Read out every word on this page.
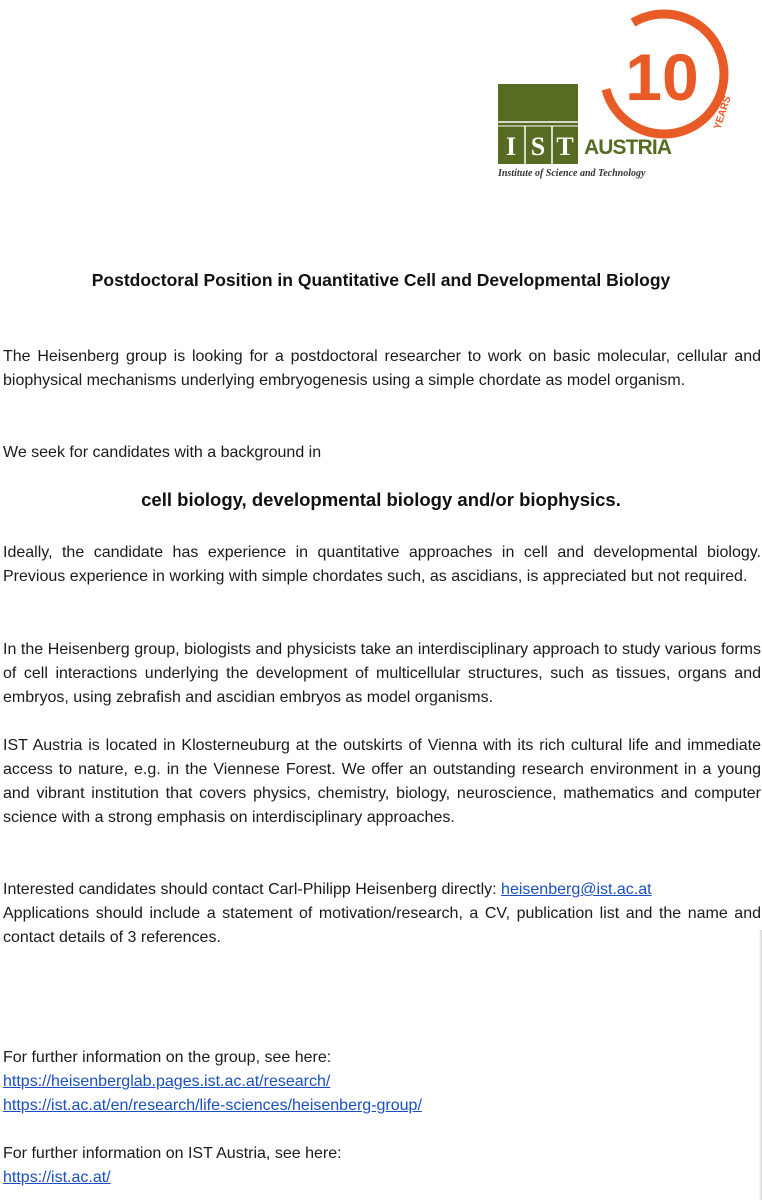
10 YEARS
I S T AUSTRIA
Institute of Science and Technology
Postdoctoral Position in Quantitative Cell and Developmental Biology
The Heisenberg group is looking for a postdoctoral researcher to work on basic molecular, cellular and biophysical mechanisms underlying embryogenesis using a simple chordate as model organism.
We seek for candidates with a background in
cell biology, developmental biology and/or biophysics.
Ideally, the candidate has experience in quantitative approaches in cell and developmental biology. Previous experience in working with simple chordates such, as ascidians, is appreciated but not required.
In the Heisenberg group, biologists and physicists take an interdisciplinary approach to study various forms of cell interactions underlying the development of multicellular structures, such as tissues, organs and embryos, using zebrafish and ascidian embryos as model organisms.
IST Austria is located in Klosterneuburg at the outskirts of Vienna with its rich cultural life and immediate access to nature, e.g. in the Viennese Forest. We offer an outstanding research environment in a young and vibrant institution that covers physics, chemistry, biology, neuroscience, mathematics and computer science with a strong emphasis on interdisciplinary approaches.
Interested candidates should contact Carl-Philipp Heisenberg directly: heisenberg@ist.ac.at
Applications should include a statement of motivation/research, a CV, publication list and the name and contact details of 3 references.
For further information on the group, see here:
https://heisenberglab.pages.ist.ac.at/research/
https://ist.ac.at/en/research/life-sciences/heisenberg-group/
For further information on IST Austria, see here:
https://ist.ac.at/
